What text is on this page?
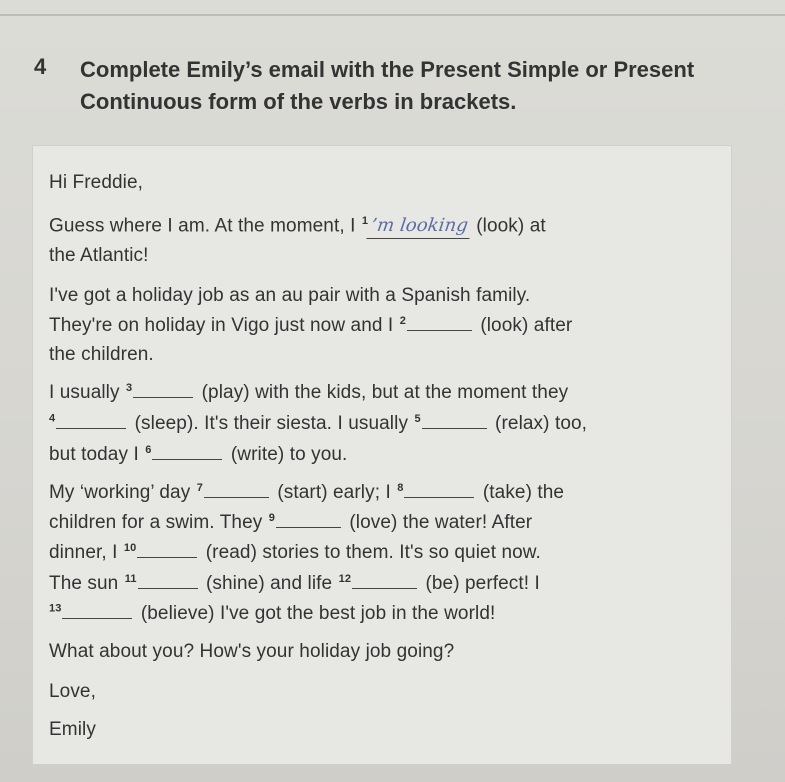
4 Complete Emily’s email with the Present Simple or Present Continuous form of the verbs in brackets.
Hi Freddie,
Guess where I am. At the moment, I $^1$ ’m looking (look) at
the Atlantic!
I've got a holiday job as an au pair with a Spanish family.
They're on holiday in Vigo just now and I $^2$	(look) after
the children.
I usually $^3$	(play) with the kids, but at the moment they
$^4$	(sleep). It's their siesta. I usually $^5$	(relax) too,
but today I $^6$	(write) to you.
My ‘working’ day $^7$	(start) early; I $^8$	(take) the
children for a swim. They $^9$	(love) the water! After
dinner, I $^{10}$	(read) stories to them. It's so quiet now.
The sun $^{11}$	(shine) and life $^{12}$	(be) perfect! I
$^{13}$	(believe) I've got the best job in the world!
What about you? How's your holiday job going?
Love,
Emily
